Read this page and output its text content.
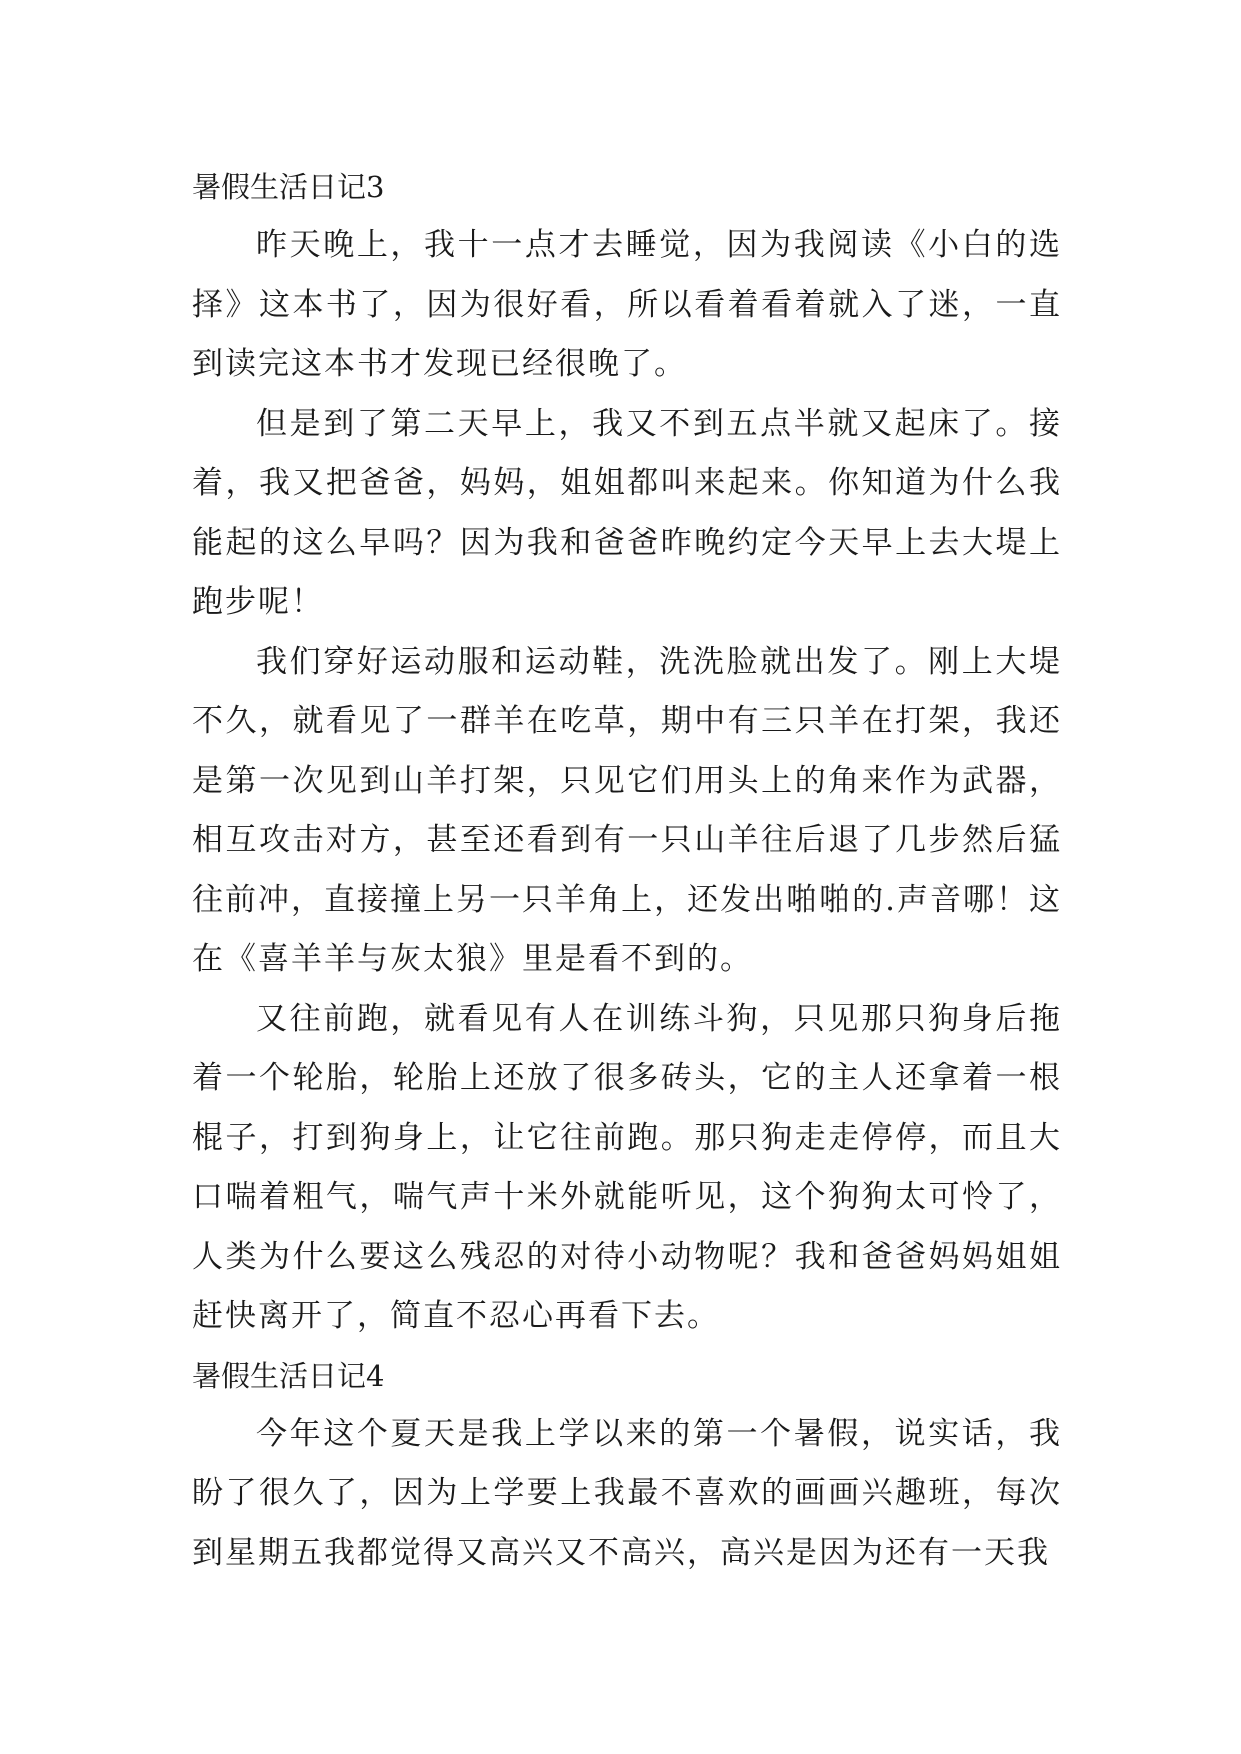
暑假生活日记3

昨天晚上，我十一点才去睡觉，因为我阅读《小白的选择》这本书了，因为很好看，所以看着看着就入了迷，一直到读完这本书才发现已经很晚了。

但是到了第二天早上，我又不到五点半就又起床了。接着，我又把爸爸，妈妈，姐姐都叫来起来。你知道为什么我能起的这么早吗？因为我和爸爸昨晚约定今天早上去大堤上跑步呢！

我们穿好运动服和运动鞋，洗洗脸就出发了。刚上大堤不久，就看见了一群羊在吃草，期中有三只羊在打架，我还是第一次见到山羊打架，只见它们用头上的角来作为武器，相互攻击对方，甚至还看到有一只山羊往后退了几步然后猛往前冲，直接撞上另一只羊角上，还发出啪啪的.声音哪！这在《喜羊羊与灰太狼》里是看不到的。

又往前跑，就看见有人在训练斗狗，只见那只狗身后拖着一个轮胎，轮胎上还放了很多砖头，它的主人还拿着一根棍子，打到狗身上，让它往前跑。那只狗走走停停，而且大口喘着粗气，喘气声十米外就能听见，这个狗狗太可怜了，人类为什么要这么残忍的对待小动物呢？我和爸爸妈妈姐姐赶快离开了，简直不忍心再看下去。

暑假生活日记4

今年这个夏天是我上学以来的第一个暑假，说实话，我盼了很久了，因为上学要上我最不喜欢的画画兴趣班，每次到星期五我都觉得又高兴又不高兴，高兴是因为还有一天我
